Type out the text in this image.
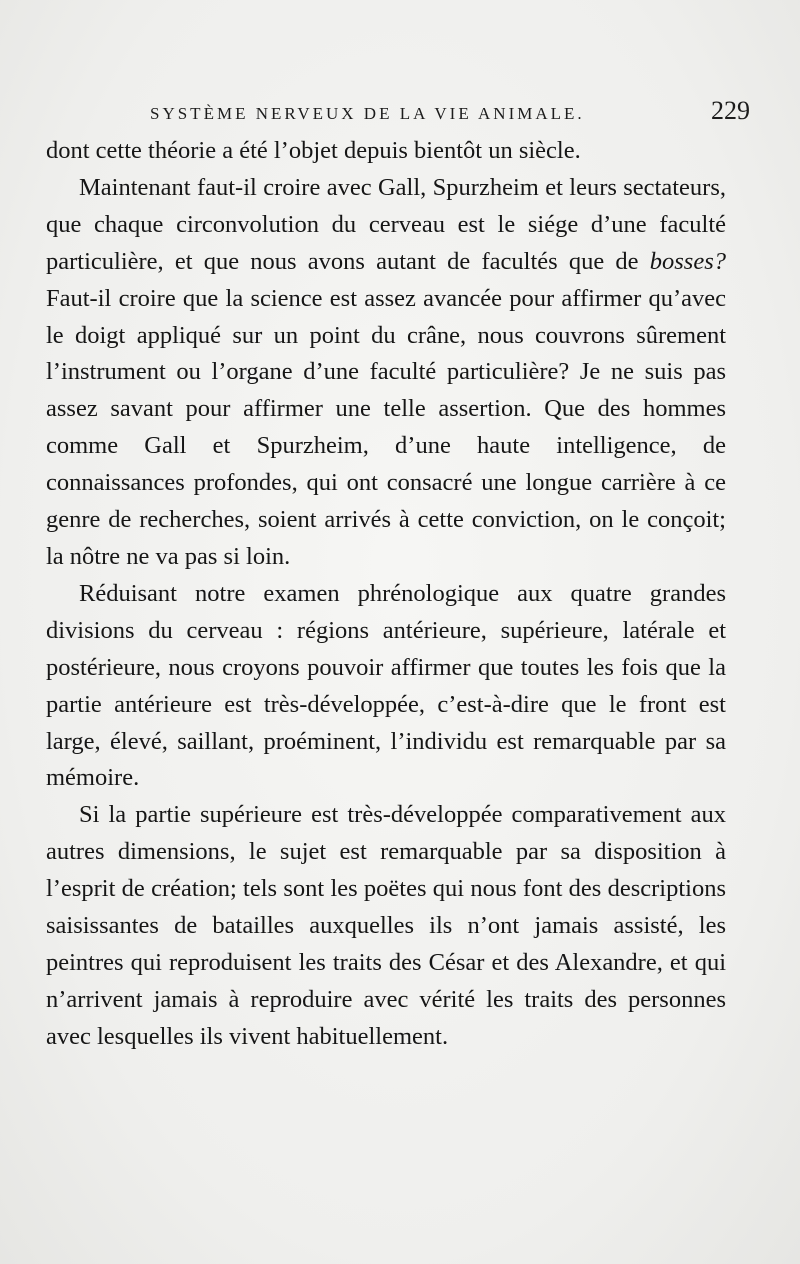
SYSTÈME NERVEUX DE LA VIE ANIMALE.	229

dont cette théorie a été l’objet depuis bientôt un siècle.

Maintenant faut-il croire avec Gall, Spurzheim et leurs sectateurs, que chaque circonvolution du cerveau est le siége d’une faculté particulière, et que nous avons autant de facultés que de bosses? Faut-il croire que la science est assez avancée pour affirmer qu’avec le doigt appliqué sur un point du crâne, nous couvrons sûrement l’instrument ou l’organe d’une faculté particulière? Je ne suis pas assez savant pour affirmer une telle assertion. Que des hommes comme Gall et Spurzheim, d’une haute intelligence, de connaissances profondes, qui ont consacré une longue carrière à ce genre de recherches, soient arrivés à cette conviction, on le conçoit; la nôtre ne va pas si loin.

Réduisant notre examen phrénologique aux quatre grandes divisions du cerveau : régions antérieure, supérieure, latérale et postérieure, nous croyons pouvoir affirmer que toutes les fois que la partie antérieure est très-développée, c’est-à-dire que le front est large, élevé, saillant, proéminent, l’individu est remarquable par sa mémoire.

Si la partie supérieure est très-développée comparativement aux autres dimensions, le sujet est remarquable par sa disposition à l’esprit de création; tels sont les poëtes qui nous font des descriptions saisissantes de batailles auxquelles ils n’ont jamais assisté, les peintres qui reproduisent les traits des César et des Alexandre, et qui n’arrivent jamais à reproduire avec vérité les traits des personnes avec lesquelles ils vivent habituellement.
